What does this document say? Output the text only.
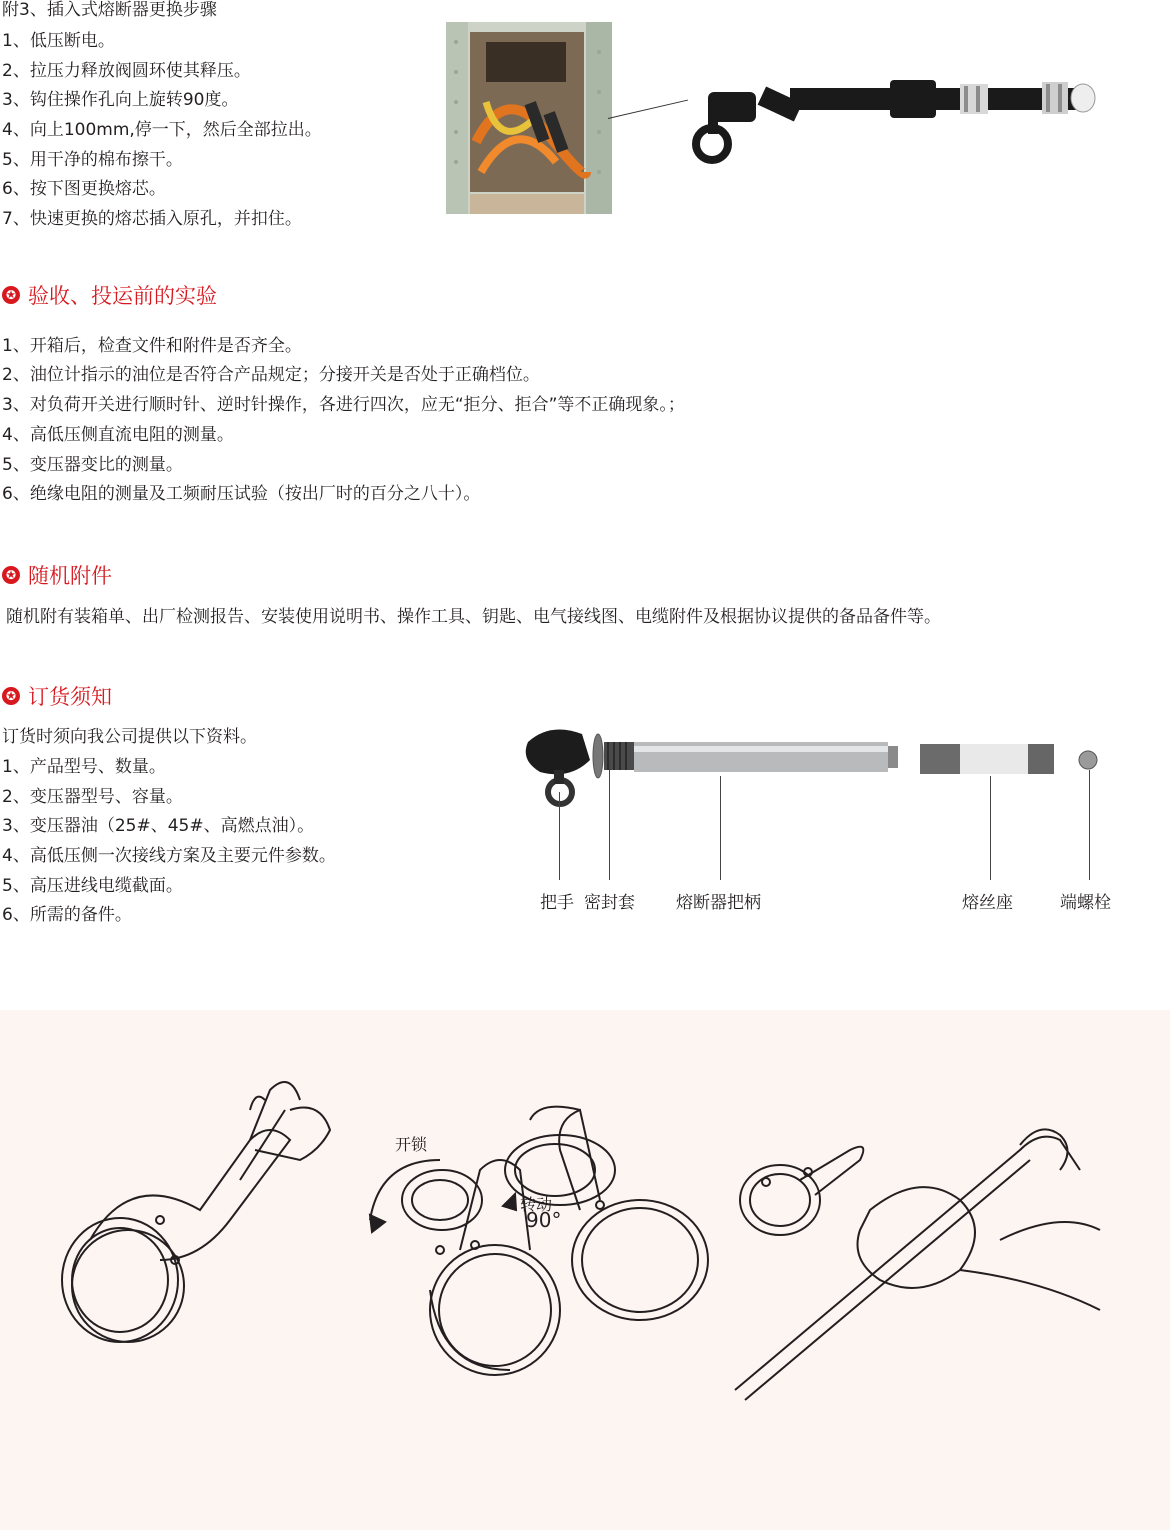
附3、插入式熔断器更换步骤
1、低压断电。
2、拉压力释放阀圆环使其释压。
3、钩住操作孔向上旋转90度。
4、向上100mm,停一下，然后全部拉出。
5、用干净的棉布擦干。
6、按下图更换熔芯。
7、快速更换的熔芯插入原孔，并扣住。
✪ 验收、投运前的实验
1、开箱后，检查文件和附件是否齐全。
2、油位计指示的油位是否符合产品规定；分接开关是否处于正确档位。
3、对负荷开关进行顺时针、逆时针操作，各进行四次，应无“拒分、拒合”等不正确现象。；
4、高低压侧直流电阻的测量。
5、变压器变比的测量。
6、绝缘电阻的测量及工频耐压试验（按出厂时的百分之八十）。
✪ 随机附件
随机附有装箱单、出厂检测报告、安装使用说明书、操作工具、钥匙、电气接线图、电缆附件及根据协议提供的备品备件等。
✪ 订货须知
订货时须向我公司提供以下资料。
1、产品型号、数量。
2、变压器型号、容量。
3、变压器油（25#、45#、高燃点油）。
4、高低压侧一次接线方案及主要元件参数。
5、高压进线电缆截面。
6、所需的备件。
把手 密封套 熔断器把柄	熔丝座	端螺栓
开锁
转动
90°
